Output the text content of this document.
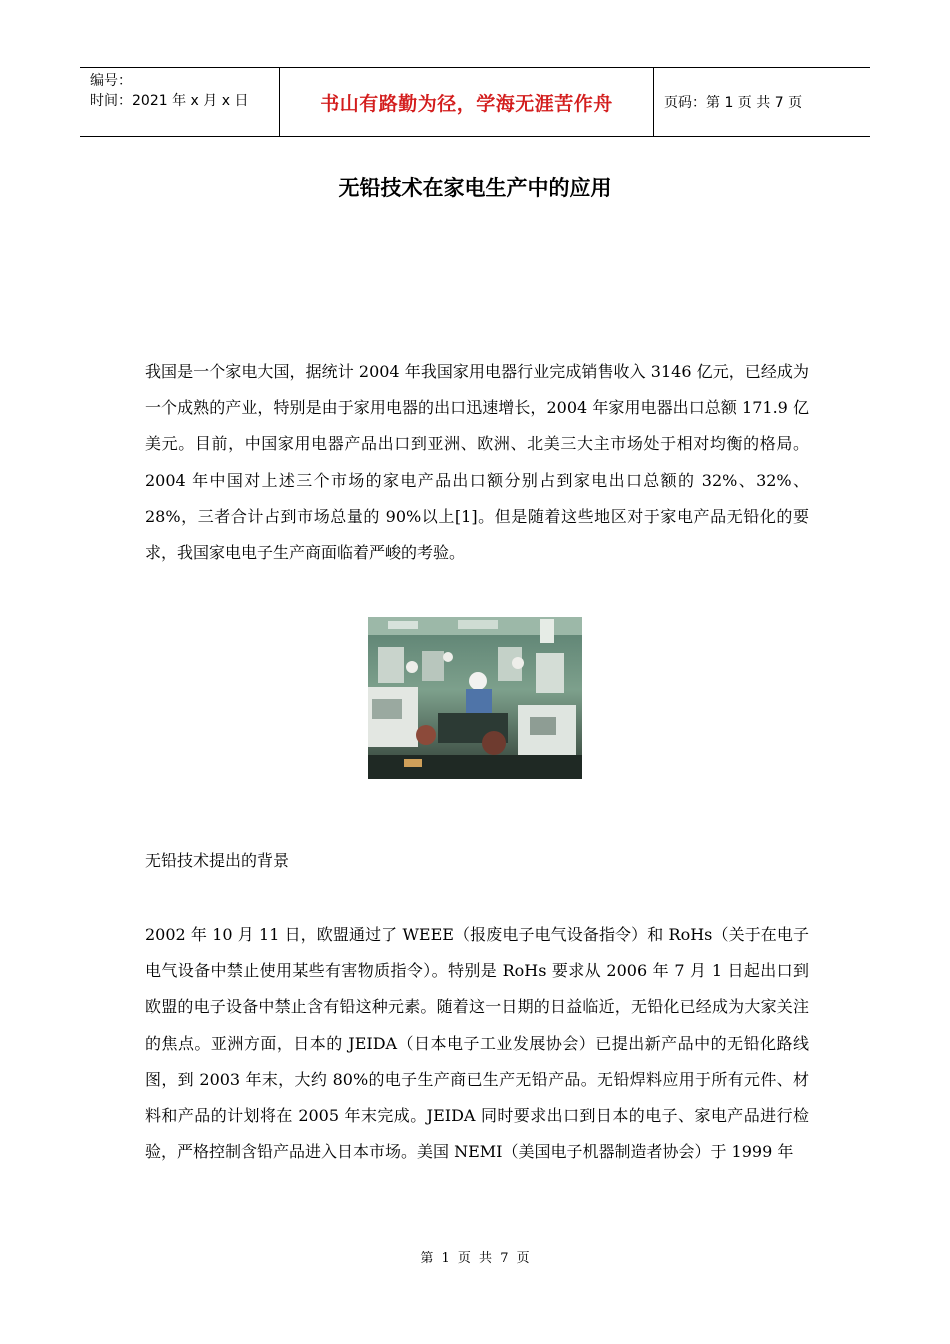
编号：
时间：2021 年 x 月 x 日	书山有路勤为径，学海无涯苦作舟	页码：第 1 页 共 7 页
无铅技术在家电生产中的应用

我国是一个家电大国，据统计 2004 年我国家用电器行业完成销售收入 3146 亿元，已经成为一个成熟的产业，特别是由于家用电器的出口迅速增长，2004 年家用电器出口总额 171.9 亿美元。目前，中国家用电器产品出口到亚洲、欧洲、北美三大主市场处于相对均衡的格局。2004 年中国对上述三个市场的家电产品出口额分别占到家电出口总额的 32%、32%、28%，三者合计占到市场总量的 90%以上[1]。但是随着这些地区对于家电产品无铅化的要求，我国家电电子生产商面临着严峻的考验。

无铅技术提出的背景

2002 年 10 月 11 日，欧盟通过了 WEEE（报废电子电气设备指令）和 RoHs（关于在电子电气设备中禁止使用某些有害物质指令）。特别是 RoHs 要求从 2006 年 7 月 1 日起出口到欧盟的电子设备中禁止含有铅这种元素。随着这一日期的日益临近，无铅化已经成为大家关注的焦点。亚洲方面，日本的 JEIDA（日本电子工业发展协会）已提出新产品中的无铅化路线图，到 2003 年末，大约 80%的电子生产商已生产无铅产品。无铅焊料应用于所有元件、材料和产品的计划将在 2005 年末完成。JEIDA 同时要求出口到日本的电子、家电产品进行检验，严格控制含铅产品进入日本市场。美国 NEMI（美国电子机器制造者协会）于 1999 年

第 1 页 共 7 页
